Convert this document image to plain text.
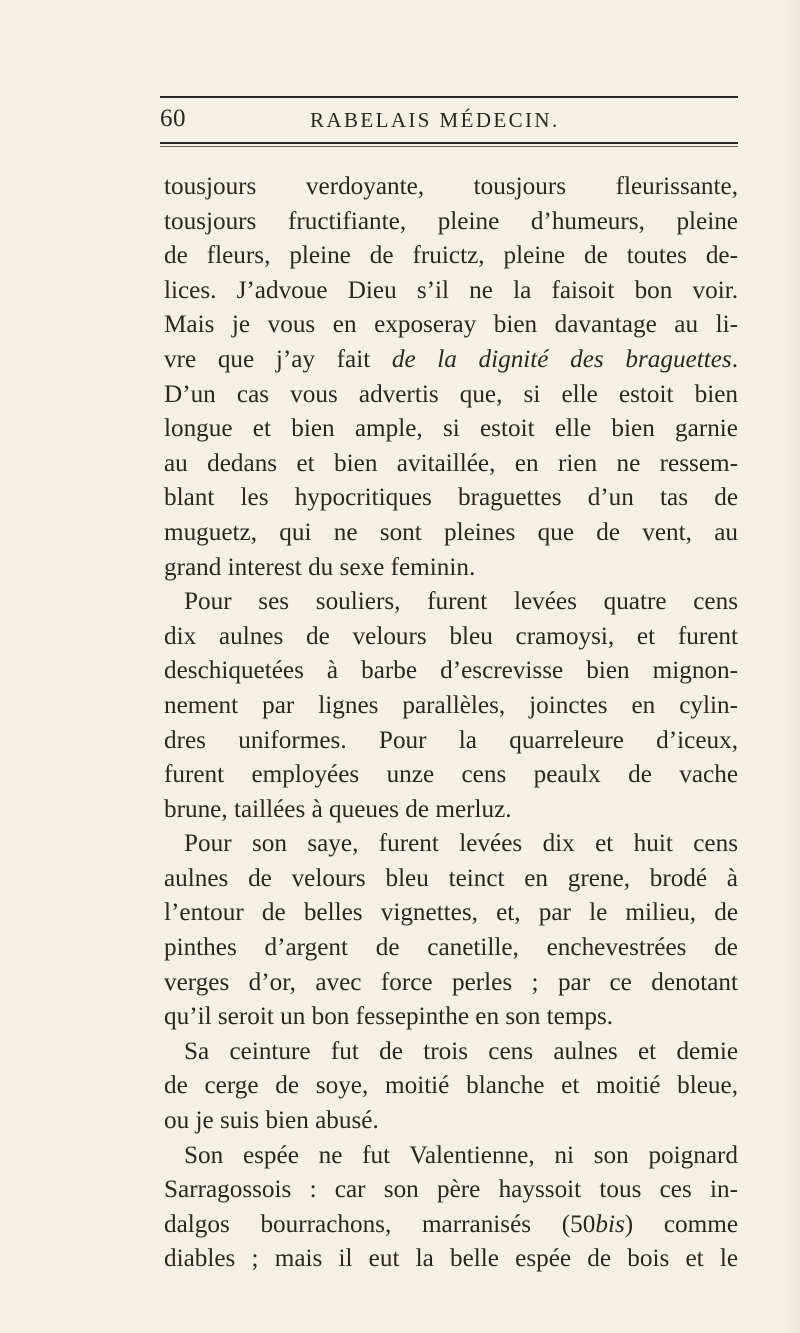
60	RABELAIS MÉDECIN.
tousjours verdoyante, tousjours fleurissante,
tousjours fructifiante, pleine d’humeurs, pleine
de fleurs, pleine de fruictz, pleine de toutes de-
lices. J’advoue Dieu s’il ne la faisoit bon voir.
Mais je vous en exposeray bien davantage au li-
vre que j’ay fait de la dignité des braguettes.
D’un cas vous advertis que, si elle estoit bien
longue et bien ample, si estoit elle bien garnie
au dedans et bien avitaillée, en rien ne ressem-
blant les hypocritiques braguettes d’un tas de
muguetz, qui ne sont pleines que de vent, au
grand interest du sexe feminin.
Pour ses souliers, furent levées quatre cens
dix aulnes de velours bleu cramoysi, et furent
deschiquetées à barbe d’escrevisse bien mignon-
nement par lignes parallèles, joinctes en cylin-
dres uniformes. Pour la quarreleure d’iceux,
furent employées unze cens peaulx de vache
brune, taillées à queues de merluz.
Pour son saye, furent levées dix et huit cens
aulnes de velours bleu teinct en grene, brodé à
l’entour de belles vignettes, et, par le milieu, de
pinthes d’argent de canetille, enchevestrées de
verges d’or, avec force perles ; par ce denotant
qu’il seroit un bon fessepinthe en son temps.
Sa ceinture fut de trois cens aulnes et demie
de cerge de soye, moitié blanche et moitié bleue,
ou je suis bien abusé.
Son espée ne fut Valentienne, ni son poignard
Sarragossois : car son père hayssoit tous ces in-
dalgos bourrachons, marranisés (50bis) comme
diables ; mais il eut la belle espée de bois et le
